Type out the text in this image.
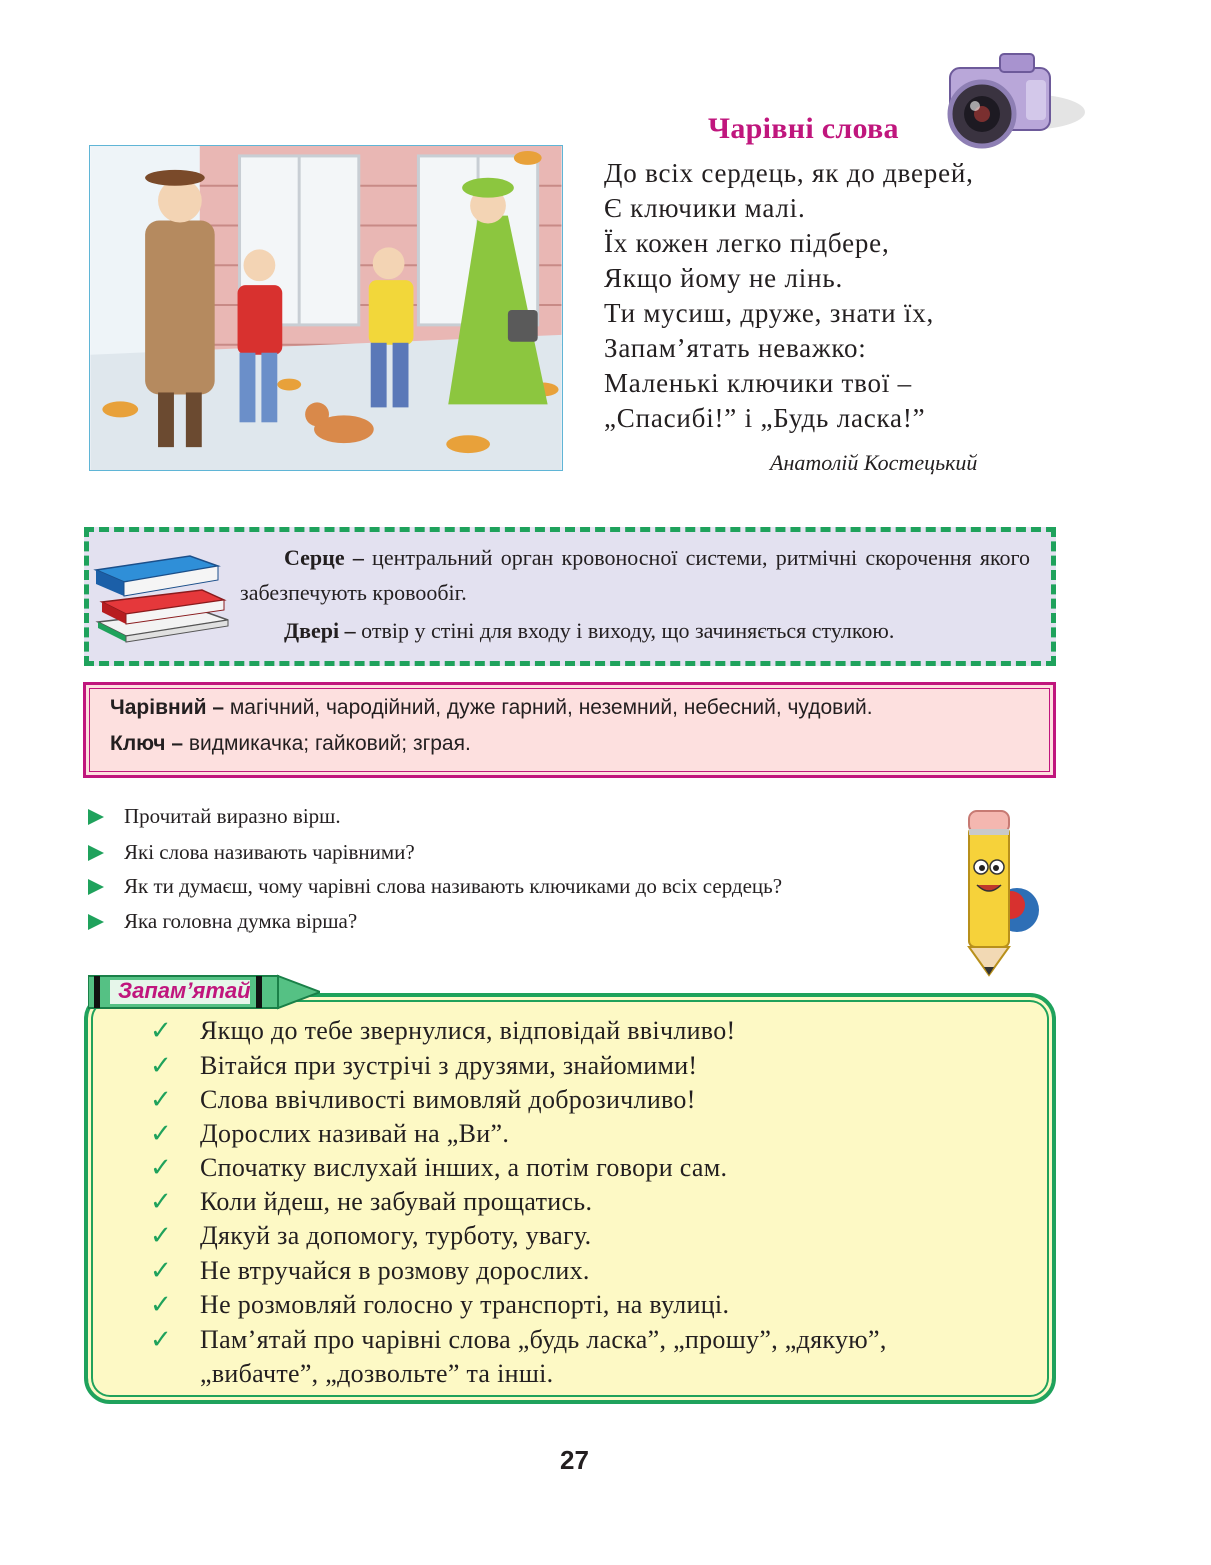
Чарівні слова
До всіх сердець, як до дверей,
Є ключики малі.
Їх кожен легко підбере,
Якщо йому не лінь.
Ти мусиш, друже, знати їх,
Запам’ятать неважко:
Маленькі ключики твої –
„Спасибі!” і „Будь ласка!”
Анатолій Костецький
Серце – центральний орган кровоносної системи, ритмічні скорочення якого забезпечують кровообіг.
Двері – отвір у стіні для входу і виходу, що зачиняється стулкою.
Чарівний – магічний, чародійний, дуже гарний, неземний, небесний, чудовий.
Ключ – видмикачка; гайковий; зграя.
Прочитай виразно вірш.
Які слова називають чарівними?
Як ти думаєш, чому чарівні слова називають ключиками до всіх сердець?
Яка головна думка вірша?
Запам’ятай
✓ Якщо до тебе звернулися, відповідай ввічливо!
✓ Вітайся при зустрічі з друзями, знайомими!
✓ Слова ввічливості вимовляй доброзичливо!
✓ Дорослих називай на „Ви”.
✓ Спочатку вислухай інших, а потім говори сам.
✓ Коли йдеш, не забувай прощатись.
✓ Дякуй за допомогу, турботу, увагу.
✓ Не втручайся в розмову дорослих.
✓ Не розмовляй голосно у транспорті, на вулиці.
✓ Пам’ятай про чарівні слова „будь ласка”, „прошу”, „дякую”,
„вибачте”, „дозвольте” та інші.
27
